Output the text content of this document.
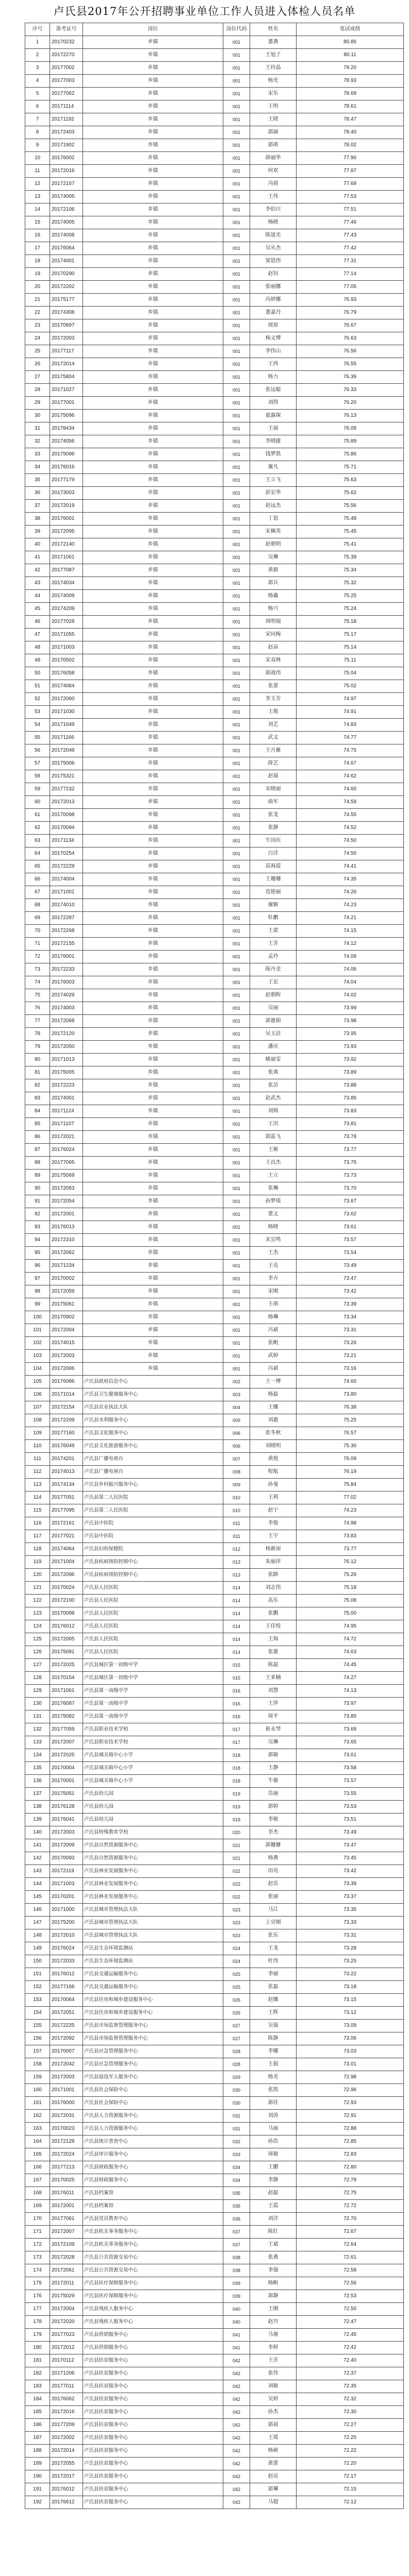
卢氏县2017年公开招聘事业单位工作人员进入体检人员名单
序号	准考证号	岗位	岗位代码	姓名	笔试成绩
1	20170232	乡镇	001	董燕	80.85
2	20172270	乡镇	001	王旭子	80.11
3	20177002	乡镇	001	王玲晶	79.20
4	20177003	乡镇	001	杨光	78.93
5	20177062	乡镇	001	宋乐	78.69
6	20171114	乡镇	001	王明	78.61
7	20171192	乡镇	001	王晓	78.47
8	20172403	乡镇	001	郭丽	78.40
9	20171902	乡镇	001	郭萌	78.02
10	20176002	乡镇	001	薛丽华	77.90
11	20172016	乡镇	001	何欢	77.87
12	20172107	乡镇	001	冯倩	77.69
13	20174005	乡镇	001	王伟	77.53
14	20172106	乡镇	001	李伯川	77.51
15	20174005	乡镇	001	杨晓	77.46
16	20174008	乡镇	001	陈道光	77.43
17	20176064	乡镇	001	吴从杰	77.42
18	20174001	乡镇	001	梁恩伟	77.31
19	20170290	乡镇	001	赵钊	77.14
20	20172202	乡镇	001	张丽娜	77.05
21	20175177	乡镇	001	冯妍娜	76.93
22	20174308	乡镇	001	董嘉丹	76.79
23	20170897	乡镇	001	周原	76.67
24	20172003	乡镇	001	杨文博	76.63
25	20177117	乡镇	001	李伟山	76.56
26	20172014	乡镇	001	王西	76.55
27	20175804	乡镇	001	杨力	76.39
28	20171027	乡镇	001	张远聪	76.33
29	20177001	乡镇	001	刘得	76.20
30	20175096	乡镇	001	夏露琛	76.13
31	20178434	乡镇	001	王丽	76.08
32	20174056	乡镇	001	李晓捷	75.89
33	20175096	乡镇	001	钱梦凯	75.86
34	20176016	乡镇	001	谢凡	75.71
35	20177179	乡镇	001	王立飞	75.63
36	20173003	乡镇	001	彭宏华	75.62
37	20172019	乡镇	001	赵远杰	75.56
38	20176001	乡镇	001	丁恩	75.48
39	20172095	乡镇	001	宋佩英	75.45
40	20172140	乡镇	001	赵朝明	75.41
41	20171061	乡镇	001	吴琳	75.39
42	20177087	乡镇	001	黄毅	75.34
43	20174034	乡镇	001	郭兵	75.32
44	20174009	乡镇	001	杨鑫	75.25
45	20174209	乡镇	001	杨兴	75.24
46	20177028	乡镇	001	周明瑞	75.18
47	20171055	乡镇	001	宋同梅	75.17
48	20171003	乡镇	001	赵奋	75.14
49	20170502	乡镇	001	宋双林	75.11
50	20176058	乡镇	001	郭战伟	75.04
51	20174064	乡镇	001	张蕾	75.02
52	20172060	乡镇	001	李玉芳	74.97
53	20171030	乡镇	001	王俊	74.91
54	20171049	乡镇	001	刘艺	74.83
55	20171166	乡镇	001	武文	74.77
56	20172049	乡镇	001	王月雁	74.75
57	20175006	乡镇	001	薛艺	74.67
58	20175321	乡镇	001	赵瑞	74.62
59	20177232	乡镇	001	宋晓丽	74.60
60	20172013	乡镇	001	曲军	74.59
61	20170098	乡镇	001	张龙	74.55
62	20170094	乡镇	001	张静	74.52
63	20171134	乡镇	001	牛国庆	74.50
64	20170254	乡镇	001	白洋	74.50
65	20172229	乡镇	001	苗海霞	74.41
66	20174004	乡镇	001	王珊珊	74.35
67	20171001	乡镇	001	范艳丽	74.26
68	20174010	乡镇	001	谢颖	74.23
69	20172287	乡镇	001	牡鹏	74.21
70	20172268	乡镇	001	王蒙	74.15
71	20172155	乡镇	001	王芳	74.12
72	20176001	乡镇	001	孟玲	74.09
73	20172233	乡镇	001	陈丹金	74.06
74	20176003	乡镇	001	王宏	74.04
75	20174029	乡镇	001	赵朝晖	74.02
76	20174003	乡镇	001	吴丽	73.99
77	20172068	乡镇	001	郭惠娟	73.98
78	20172120	乡镇	001	吴玉洁	73.95
79	20172050	乡镇	001	潘庆	73.93
80	20171013	乡镇	001	姚丽雯	73.92
81	20175005	乡镇	001	张爽	73.89
82	20172223	乡镇	001	张洁	73.88
83	20174001	乡镇	001	赵武杰	73.85
84	20171124	乡镇	001	刘锦	73.83
85	20171107	乡镇	001	王汛	73.81
86	20172021	乡镇	001	郭蕊飞	73.78
87	20176024	乡镇	001	王敏	73.77
88	20177065	乡镇	001	王昌杰	73.75
89	20175069	乡镇	001	王立	73.73
90	20172063	乡镇	001	张琳	73.70
91	20172054	乡镇	001	孙梦瑶	73.67
92	20172001	乡镇	001	董文	73.62
93	20176013	乡镇	001	杨晓	73.61
94	20172310	乡镇	001	宋宜鸣	73.57
95	20172062	乡镇	001	王杰	73.54
96	20171234	乡镇	001	王克	73.49
97	20170002	乡镇	001	李卉	73.47
98	20172059	乡镇	001	宋刚	73.42
99	20175061	乡镇	001	王萌	73.39
100	20170902	乡镇	001	杨琳	73.34
101	20172004	乡镇	001	冯斌	73.31
102	20174015	乡镇	001	张帆	73.26
103	20172003	乡镇	001	武婷	73.21
104	20172006	乡镇	001	冯斌	73.16
105	20176086	卢氏县政府信息中心	002	王一博	74.60
106	20171014	卢氏县卫生健康服务中心	003	杨磊	73.80
107	20172154	卢氏县农业执法大队	004	王娜	76.38
108	20172209	卢氏县水利服务中心	005	刘惠	75.25
109	20177160	卢氏县文化服务中心	006	张冬秋	76.57
110	20176049	卢氏县文化旅游服务中心	006	刘晓明	75.30
111	20174201	卢氏县广播电视台	007	黄艳	76.09
112	20174013	卢氏县广播电视台	008	程航	76.19
113	20174134	卢氏县乡村振兴服务中心	009	孙曼	75.84
114	20177051	卢氏县第二人民医院	010	王利	77.02
115	20177095	卢氏县第二人民医院	010	赵宁	74.23
116	20172161	卢氏县中医院	011	李俊	74.98
117	20177021	卢氏县中医院	011	王宇	73.83
118	20174064	卢氏县妇幼保健院	012	杨新雨	73.77
119	20171004	卢氏县疾病预防控制中心	013	朱丽萍	76.12
120	20172096	卢氏县疾病预防控制中心	013	张路	75.26
121	20170024	卢氏县人民医院	014	刘志伟	75.18
122	20172100	卢氏县人民医院	014	高乐	75.08
123	20170098	卢氏县人民医院	014	张鹏	75.00
124	20176012	卢氏县人民医院	014	王佳悦	74.95
125	20172005	卢氏县人民医院	014	王海	74.72
126	20175091	卢氏县人民医院	014	张惠	74.63
127	20172025	卢氏县城区第一初级中学	015	陈磊	74.45
128	20170154	卢氏县城区第一初级中学	015	王亚楠	74.27
129	20171061	卢氏县第一高级中学	016	刘慧	74.13
130	20176087	卢氏县第一高级中学	016	王萍	73.97
131	20175082	卢氏县第一高级中学	016	周平	73.85
132	20177059	卢氏县职业技术学校	017	崔永琴	73.69
133	20172007	卢氏县职业技术学校	017	吴琳	73.65
134	20172025	卢氏县城关镇中心小学	018	郭敏	73.61
135	20170004	卢氏县城关镇中心小学	018	王静	73.58
136	20170001	卢氏县城关镇中心小学	018	牛敏	73.57
137	20175051	卢氏县幼儿园	019	岳丽	73.55
138	20176128	卢氏县幼儿园	019	郭婷	73.53
139	20176041	卢氏县幼儿园	019	李敏	73.51
140	20172003	卢氏县特殊教育学校	020	李杰	73.49
141	20172009	卢氏县自然资源服务中心	021	郭姗姗	73.47
142	20170093	卢氏县自然资源服务中心	021	杨燕	73.45
143	20172119	卢氏县林业发展服务中心	022	田亮	73.42
144	20171003	卢氏县林业发展服务中心	022	赵岳	73.39
145	20170201	卢氏县林业发展服务中心	022	张丽	73.37
146	20171000	卢氏县城市管理执法大队	023	马江	73.35
147	20175200	卢氏县城市管理执法大队	023	上官刚	73.33
148	20172010	卢氏县城市管理执法大队	023	张乐	73.31
149	20176024	卢氏县生态环境监测站	024	王龙	73.28
150	20172033	卢氏县生态环境监测站	024	杜伟	73.25
151	20176012	卢氏县交通运输服务中心	025	李丽	73.22
152	20177166	卢氏县交通运输服务中心	025	张磊	73.18
153	20170064	卢氏县住房和城乡建设服务中心	026	赵娜	73.15
154	20172051	卢氏县住房和城乡建设服务中心	026	王辉	73.12
155	20172225	卢氏县市场监督管理服务中心	027	吴强	73.09
156	20172092	卢氏县市场监督管理服务中心	027	陈静	73.06
157	20170007	卢氏县应急管理服务中心	028	李娜	73.03
158	20172042	卢氏县应急管理服务中心	028	王娟	73.01
159	20172003	卢氏县退役军人服务中心	029	杨光	72.98
160	20171001	卢氏县社会保险中心	030	张凯	72.96
161	20176000	卢氏县社会保险中心	030	郭佳	72.93
162	20172031	卢氏县人力资源服务中心	031	刘涛	72.91
163	20170023	卢氏县人力资源服务中心	031	马丽	72.88
164	20172128	卢氏县统计普查中心	032	孙浩	72.85
165	20172024	卢氏县审计服务中心	033	周敏	72.83
166	20177213	卢氏县财政服务中心	034	王鹏	72.80
167	20170025	卢氏县财政服务中心	034	李静	72.78
168	20176011	卢氏县档案馆	035	赵磊	72.75
169	20172001	卢氏县档案馆	035	王霞	72.72
170	20177061	卢氏县党员教育中心	036	刘洋	72.70
171	20172007	卢氏县机关事务服务中心	037	陈红	72.67
172	20172109	卢氏县机关事务服务中心	037	王斌	72.64
173	20172028	卢氏县公共资源交易中心	038	张燕	72.61
174	20172061	卢氏县公共资源交易中心	038	李强	72.58
175	20172011	卢氏县医疗保障服务中心	039	杨帆	72.56
176	20175029	卢氏县医疗保障服务中心	039	郭静	72.53
177	20172004	卢氏县残疾人服务中心	040	王刚	72.50
178	20172020	卢氏县残疾人服务中心	040	赵丹	72.47
179	20177023	卢氏县供销服务中心	041	马骏	72.45
180	20172012	卢氏县供销服务中心	041	李婷	72.42
181	20170112	卢氏县扶贫服务中心	042	王芳	72.40
182	20171206	卢氏县扶贫服务中心	042	张伟	72.37
183	20177011	卢氏县扶贫服务中心	042	刘敏	72.35
184	20176062	卢氏县扶贫服务中心	042	吴婷	72.32
185	20172016	卢氏县扶贫服务中心	042	孙杰	72.30
186	20177209	卢氏县扶贫服务中心	042	郭晨	72.27
187	20172002	卢氏县扶贫服务中心	042	王瑶	72.25
188	20172014	卢氏县扶贫服务中心	042	杨硕	72.22
189	20172055	卢氏县扶贫服务中心	042	黄蕾	72.20
190	20172017	卢氏县扶贫服务中心	042	赵亮	72.17
191	20176012	卢氏县扶贫服务中心	042	郭琳	72.15
192	20176612	卢氏县扶贫服务中心	042	马超	72.12
